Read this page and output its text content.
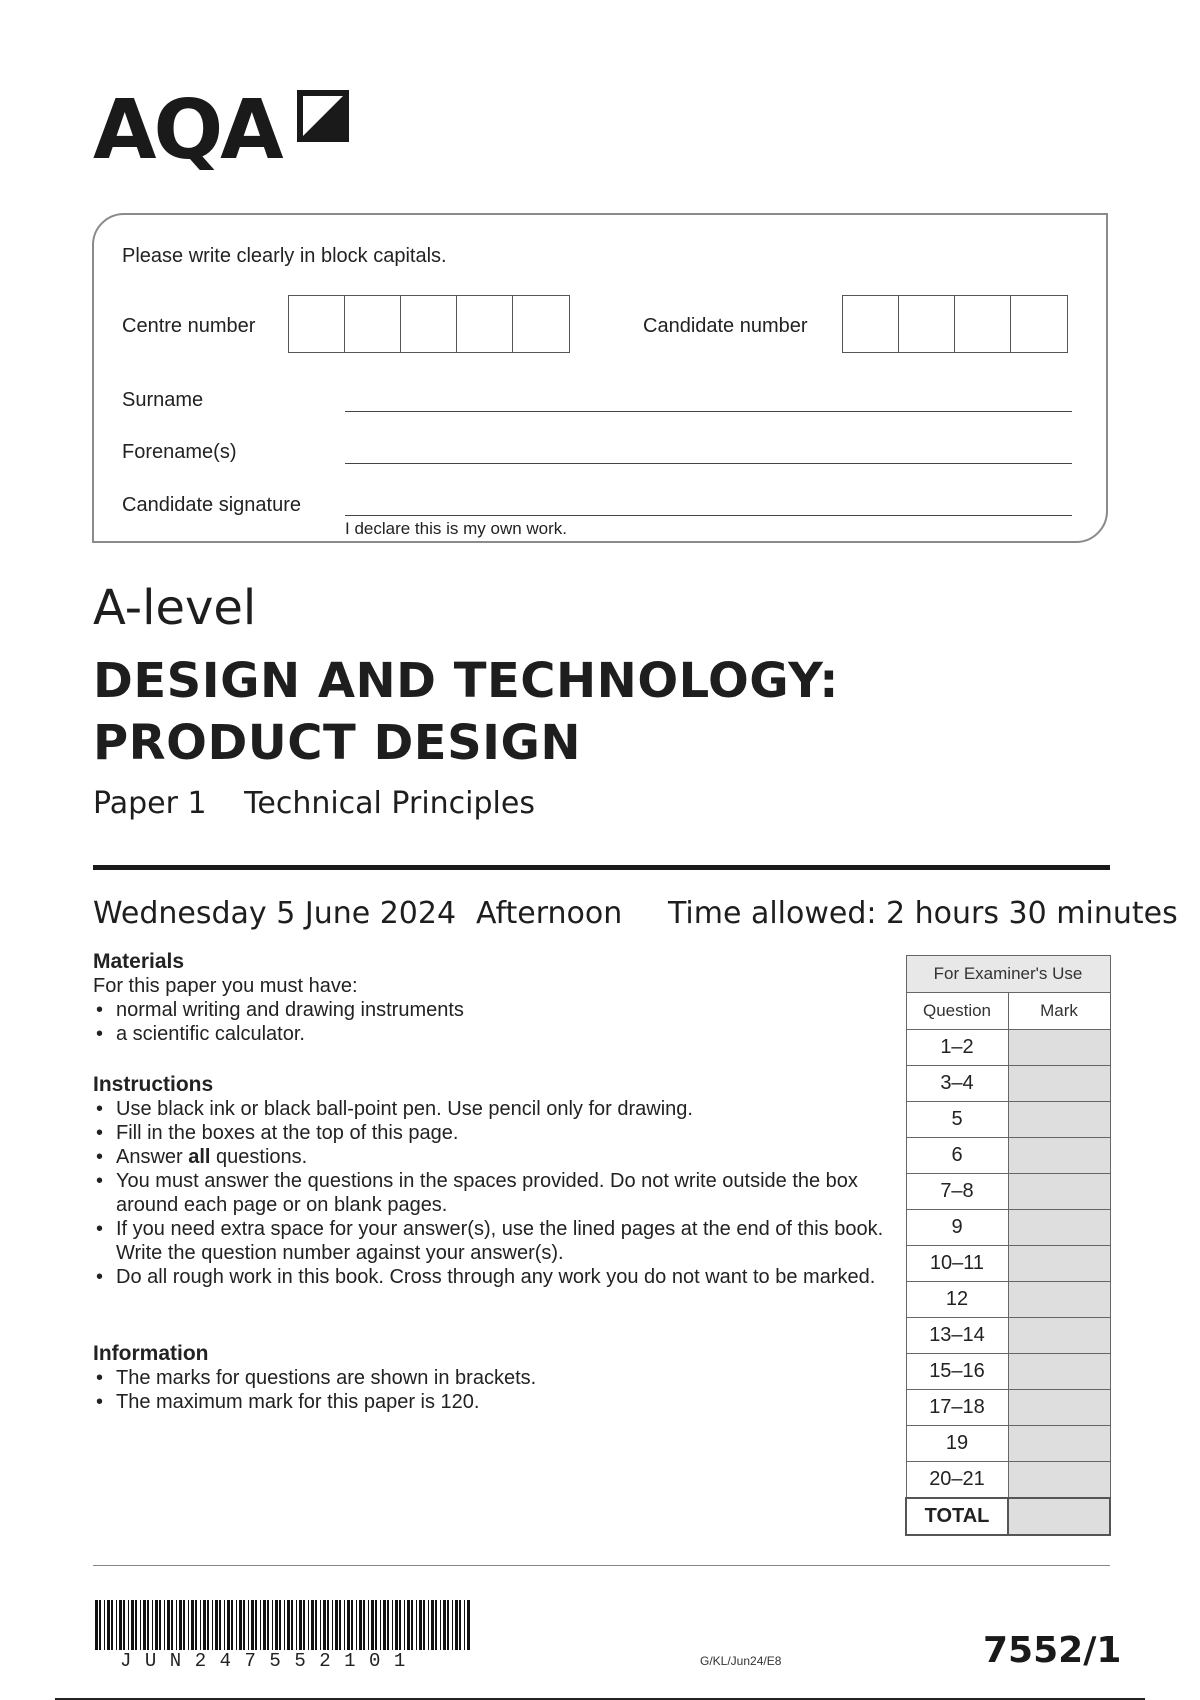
AQA
Please write clearly in block capitals.
Centre number	Candidate number
Surname
Forename(s)
Candidate signature
I declare this is my own work.
A-level
DESIGN AND TECHNOLOGY:
PRODUCT DESIGN
Paper 1 Technical Principles
Wednesday 5 June 2024 Afternoon Time allowed: 2 hours 30 minutes
Materials
For this paper you must have:
• normal writing and drawing instruments
• a scientific calculator.
Instructions
• Use black ink or black ball-point pen. Use pencil only for drawing.
• Fill in the boxes at the top of this page.
• Answer all questions.
• You must answer the questions in the spaces provided. Do not write outside the box around each page or on blank pages.
• If you need extra space for your answer(s), use the lined pages at the end of this book. Write the question number against your answer(s).
• Do all rough work in this book. Cross through any work you do not want to be marked.
Information
• The marks for questions are shown in brackets.
• The maximum mark for this paper is 120.
For Examiner's Use	
Question	Mark
1–2	
3–4	
5	
6	
7–8	
9	
10–11	
12	
13–14	
15–16	
17–18	
19	
20–21	
TOTAL	
JUN247552101	G/KL/Jun24/E8	7552/1
